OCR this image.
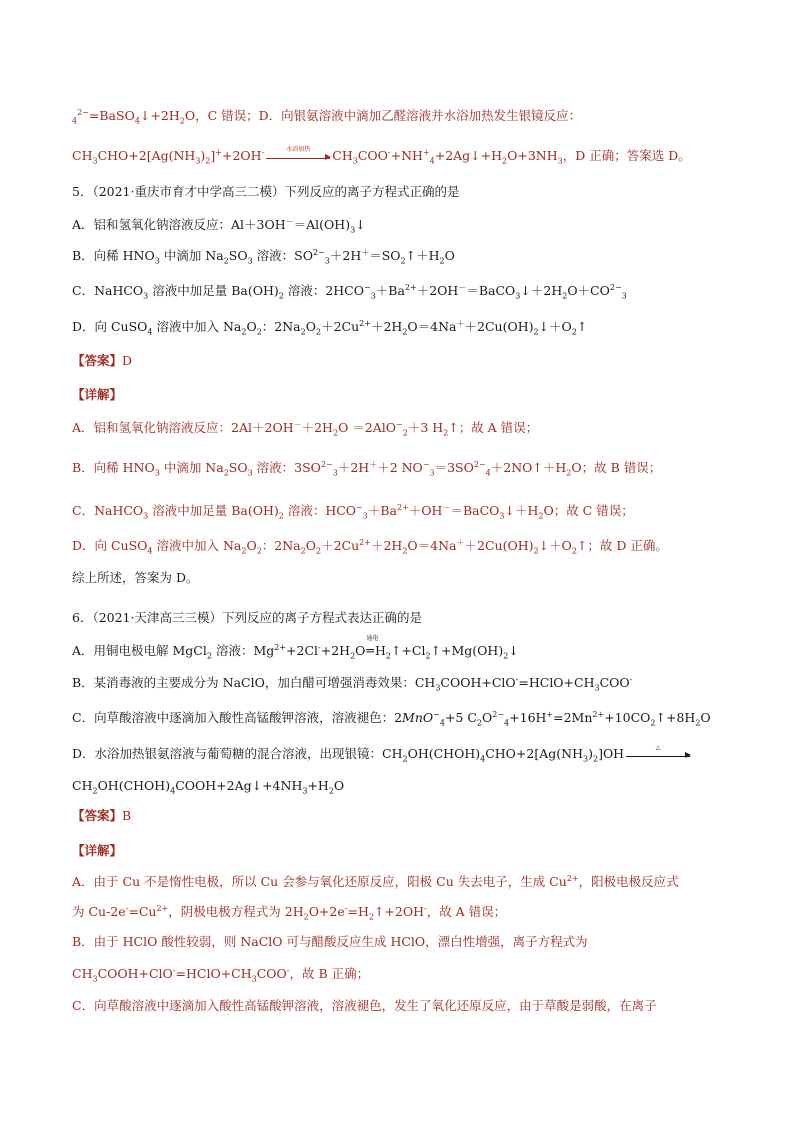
$_4^{2-}=BaSO_4↓+2H_2O$，C 错误；D．向银氨溶液中滴加乙醛溶液并水浴加热发生银镜反应：
$CH_3CHO+2[Ag(NH_3)_2]^++2OH^-$	水浴加热	$CH_3COO^-+NH^+_4+2Ag↓+H_2O+3NH_3$，D 正确；答案选 D。
5．（2021·重庆市育才中学高三二模）下列反应的离子方程式正确的是
A．铝和氢氧化钠溶液反应：$Al+3OH^-=Al(OH)_3↓$
B．向稀 $HNO_3$ 中滴加 $Na_2SO_3$ 溶液：$SO^{2-}_3+2H^+=SO_2↑+H_2O$
C．NaHCO$_3$ 溶液中加足量 $Ba(OH)_2$ 溶液：$2HCO^-_3+Ba^{2+}+2OH^-=BaCO_3↓+2H_2O+CO^{2-}_3$
D．向 CuSO$_4$ 溶液中加入 $Na_2O_2$：$2Na_2O_2+2Cu^{2+}+2H_2O=4Na^++2Cu(OH)_2↓+O_2↑$
【答案】D
【详解】
A．铝和氢氧化钠溶液反应：$2Al+2OH^-+2H_2O =2AlO^-_2+3$ $H_2↑$；故 A 错误；
B．向稀 $HNO_3$ 中滴加 $Na_2SO_3$ 溶液：$3SO^{2-}_3+2H^++2$ $NO^-_3=3SO^{2-}_4+2NO↑+H_2O$；故 B 错误；
C．NaHCO$_3$ 溶液中加足量 $Ba(OH)_2$ 溶液：$HCO^-_3+Ba^{2+}+OH^-=BaCO_3↓+H_2O$；故 C 错误；
D．向 CuSO$_4$ 溶液中加入 $Na_2O_2$：$2Na_2O_2+2Cu^{2+}+2H_2O=4Na^++2Cu(OH)_2↓+O_2↑$；故 D 正确。
综上所述，答案为 D。
6．（2021·天津高三三模）下列反应的离子方程式表达正确的是
A．用铜电极电解 MgCl$_2$ 溶液：$Mg^{2+}+2Cl^-+2H_2O$
通电
$═H_2↑+Cl_2↑+Mg(OH)_2↓$
B．某消毒液的主要成分为 NaClO，加白醋可增强消毒效果：$CH_3COOH+ClO^-=HClO+CH_3COO^-$
C．向草酸溶液中逐滴加入酸性高锰酸钾溶液，溶液褪色：2MnO−$_4$+5 $C_2O^{2-}_4+16H^+=2Mn^{2+}+10CO_2↑+8H_2O$
D．水浴加热银氨溶液与葡萄糖的混合溶液，出现银镜：$CH_2OH(CHOH)_4CHO+2[Ag(NH_3)_2]OH$	△
$CH_2OH(CHOH)_4COOH+2Ag↓+4NH_3+H_2O$
【答案】B
【详解】
A．由于 Cu 不是惰性电极，所以 Cu 会参与氧化还原反应，阳极 Cu 失去电子，生成 $Cu^{2+}$，阳极电极反应式
为 $Cu-2e^-=Cu^{2+}$，阴极电极方程式为 $2H_2O+2e^-=H_2↑+2OH^-$，故 A 错误；
B．由于 HClO 酸性较弱，则 NaClO 可与醋酸反应生成 HClO，漂白性增强，离子方程式为
$CH_3COOH+ClO^-=HClO+CH_3COO^-$，故 B 正确；
C．向草酸溶液中逐滴加入酸性高锰酸钾溶液，溶液褪色，发生了氧化还原反应，由于草酸是弱酸，在离子
